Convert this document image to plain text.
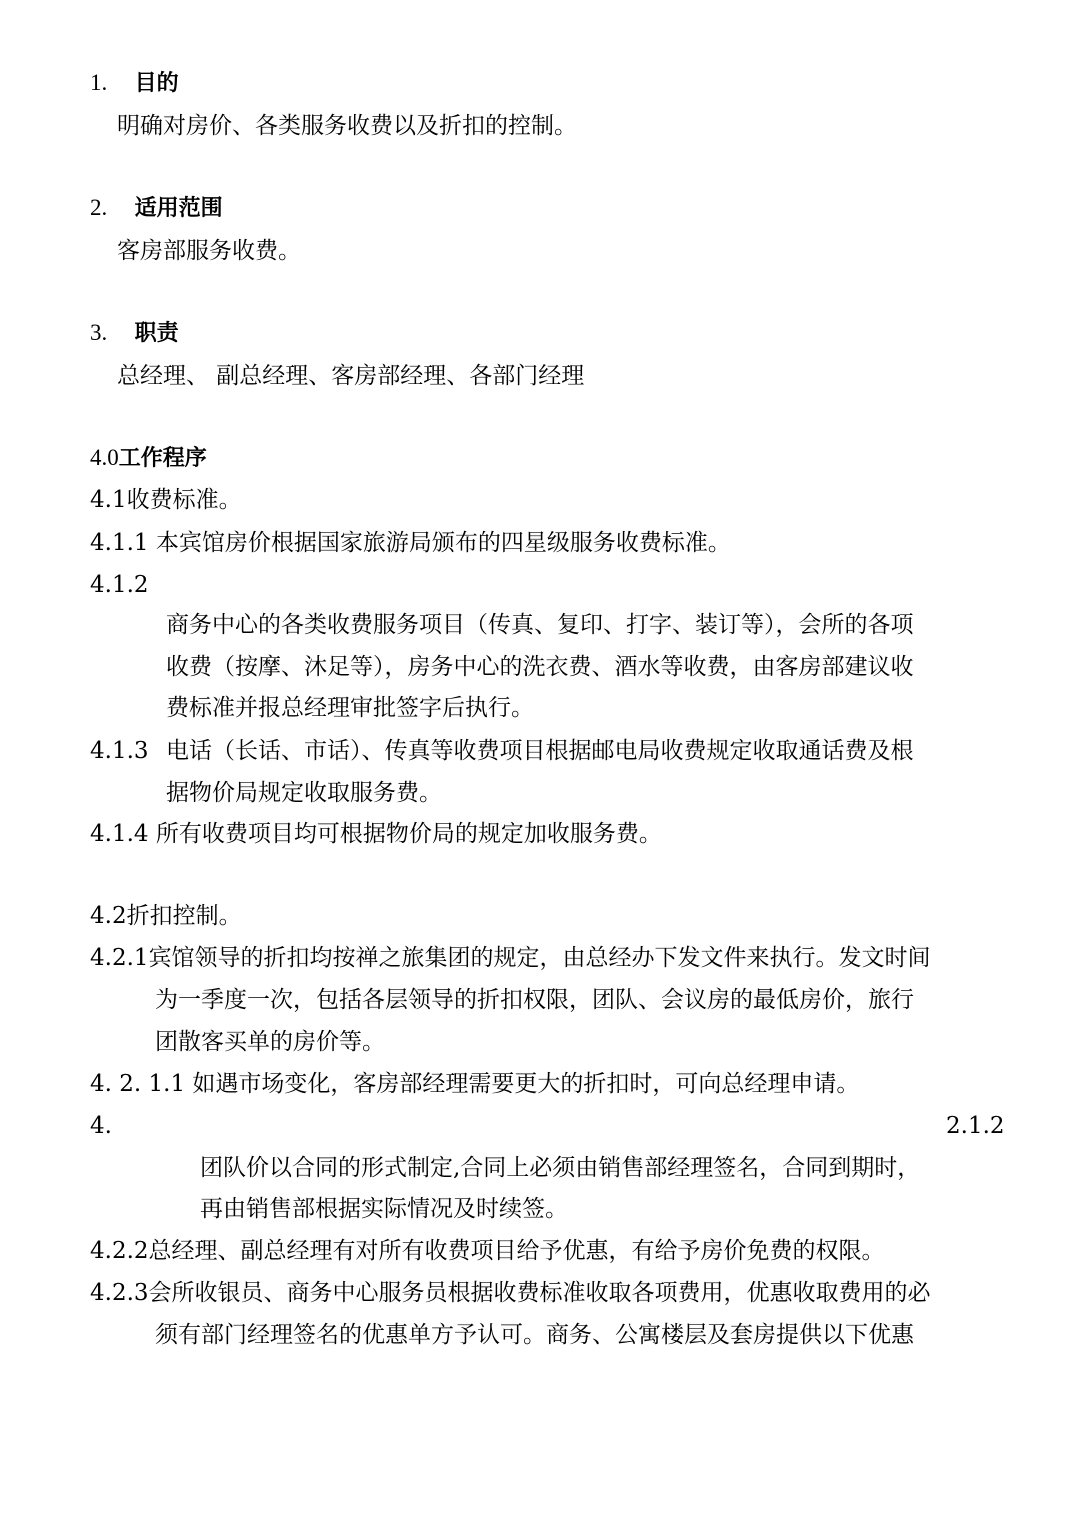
1. 目的
明确对房价、各类服务收费以及折扣的控制。
2. 适用范围
客房部服务收费。
3. 职责
总经理、 副总经理、客房部经理、各部门经理
4.0工作程序
4.1收费标准。
4.1.1 本宾馆房价根据国家旅游局颁布的四星级服务收费标准。
4.1.2
商务中心的各类收费服务项目（传真、复印、打字、装订等），会所的各项
收费（按摩、沐足等），房务中心的洗衣费、酒水等收费，由客房部建议收
费标准并报总经理审批签字后执行。
4.1.3 电话（长话、市话）、传真等收费项目根据邮电局收费规定收取通话费及根
据物价局规定收取服务费。
4.1.4 所有收费项目均可根据物价局的规定加收服务费。
4.2折扣控制。
4.2.1宾馆领导的折扣均按禅之旅集团的规定，由总经办下发文件来执行。发文时间
为一季度一次，包括各层领导的折扣权限，团队、会议房的最低房价，旅行
团散客买单的房价等。
4. 2. 1.1 如遇市场变化，客房部经理需要更大的折扣时，可向总经理申请。
4.	2.1.2
团队价以合同的形式制定,合同上必须由销售部经理签名，合同到期时，
再由销售部根据实际情况及时续签。
4.2.2总经理、副总经理有对所有收费项目给予优惠，有给予房价免费的权限。
4.2.3会所收银员、商务中心服务员根据收费标准收取各项费用，优惠收取费用的必
须有部门经理签名的优惠单方予认可。商务、公寓楼层及套房提供以下优惠
